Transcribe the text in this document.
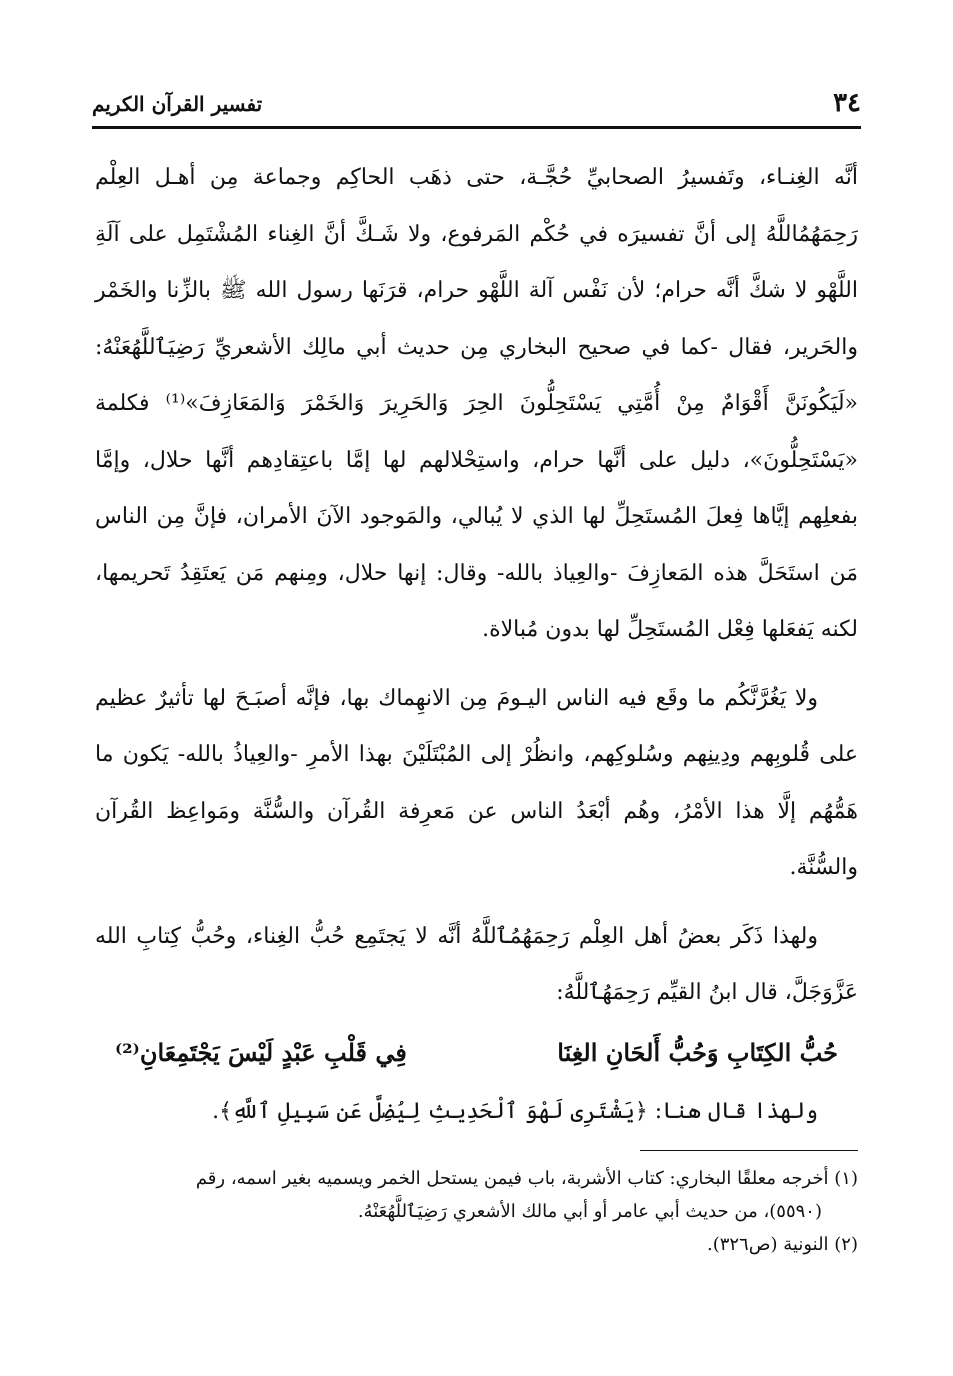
٣٤
تفسير القرآن الكريم

أنَّه الغِنـاء، وتَفسيرُ الصحابيِّ حُجَّـة، حتى ذهَب الحاكِم وجماعة مِن أهـل العِلْم رَحِمَهُمُاللَّهُ إلى أنَّ تفسيرَه في حُكْم المَرفوع، ولا شَـكَّ أنَّ الغِناء المُشْتَمِل على آلَةِ اللَّهْو لا شكَّ أنَّه حرام؛ لأن نَفْس آلة اللَّهْو حرام، قرَنَها رسول الله ﷺ بالزِّنا والخَمْر والحَرير، فقال -كما في صحيح البخاري مِن حديث أبي مالِك الأشعريِّ رَضِيَٱللَّهُعَنْهُ: «لَيَكُونَنَّ أَقْوَامٌ مِنْ أُمَّتِي يَسْتَحِلُّونَ الحِرَ وَالحَرِيرَ وَالخَمْرَ وَالمَعَازِفَ»⁽¹⁾ فكلمة «يَسْتَحِلُّونَ»، دليل على أنَّها حرام، واستِحْلالهم لها إمَّا باعتِقادِهم أنَّها حلال، وإمَّا بفعلِهم إيَّاها فِعلَ المُستَحِلِّ لها الذي لا يُبالي، والمَوجود الآنَ الأمران، فإنَّ مِن الناس مَن استَحَلَّ هذه المَعازِفَ -والعِياذ بالله- وقال: إنها حلال، ومِنهم مَن يَعتَقِدُ تَحريمها، لكنه يَفعَلها فِعْل المُستَحِلِّ لها بدون مُبالاة.

ولا يَغُرَّنَّكُم ما وقَع فيه الناس اليـومَ مِن الانهِماك بها، فإنَّه أصبَـحَ لها تأثيرٌ عظيم على قُلوبِهم ودِينِهم وسُلوكِهم، وانظُرْ إلى المُبْتَلَيْنَ بهذا الأمرِ -والعِياذُ بالله- يَكون ما هَمُّهُم إلَّا هذا الأمْرُ، وهُم أبْعَدُ الناس عن مَعرِفة القُرآن والسُّنَّة ومَواعِظ القُرآن والسُّنَّة.

ولهذا ذَكَر بعضُ أهل العِلْم رَحِمَهُمُٱللَّهُ أنَّه لا يَجتَمِع حُبُّ الغِناء، وحُبُّ كِتابِ الله عَزَّوَجَلَّ، قال ابنُ القيِّم رَحِمَهُٱللَّهُ:

حُبُّ الكِتَابِ وَحُبُّ أَلحَانِ الغِنَا
فِي قَلْبِ عَبْدٍ لَيْسَ يَجْتَمِعَانِ⁽²⁾

ولهذا قال هنا: ﴿يَشْتَرِى لَهْوَ ٱلْحَدِيثِ لِيُضِلَّ عَن سَبِيلِ ٱللَّهِ﴾.

(١) أخرجه معلقًا البخاري: كتاب الأشربة، باب فيمن يستحل الخمر ويسميه بغير اسمه، رقم

(٥٥٩٠)، من حديث أبي عامر أو أبي مالك الأشعري رَضِيَٱللَّهُعَنْهُ.

(٢) النونية (ص٣٢٦).
